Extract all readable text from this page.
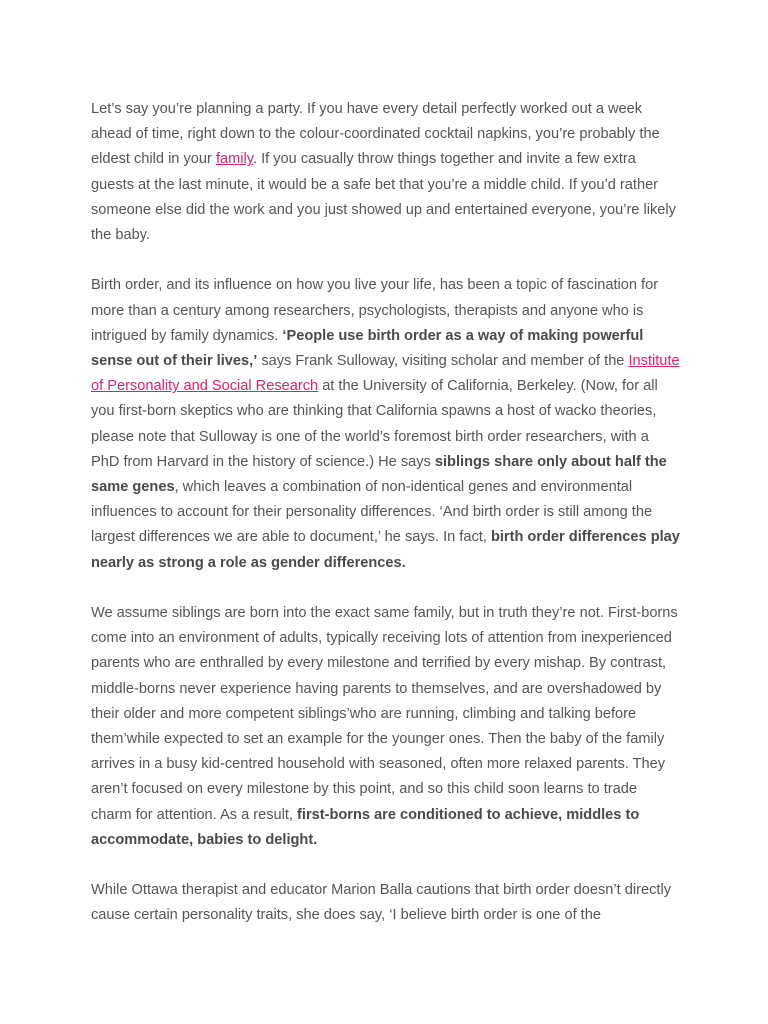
Let’s say you’re planning a party. If you have every detail perfectly worked out a week ahead of time, right down to the colour-coordinated cocktail napkins, you’re probably the eldest child in your family. If you casually throw things together and invite a few extra guests at the last minute, it would be a safe bet that you’re a middle child. If you’d rather someone else did the work and you just showed up and entertained everyone, you’re likely the baby.

Birth order, and its influence on how you live your life, has been a topic of fascination for more than a century among researchers, psychologists, therapists and anyone who is intrigued by family dynamics. ‘People use birth order as a way of making powerful sense out of their lives,’ says Frank Sulloway, visiting scholar and member of the Institute of Personality and Social Research at the University of California, Berkeley. (Now, for all you first-born skeptics who are thinking that California spawns a host of wacko theories, please note that Sulloway is one of the world’s foremost birth order researchers, with a PhD from Harvard in the history of science.) He says siblings share only about half the same genes, which leaves a combination of non-identical genes and environmental influences to account for their personality differences. ‘And birth order is still among the largest differences we are able to document,’ he says. In fact, birth order differences play nearly as strong a role as gender differences.

We assume siblings are born into the exact same family, but in truth they’re not. First-borns come into an environment of adults, typically receiving lots of attention from inexperienced parents who are enthralled by every milestone and terrified by every mishap. By contrast, middle-borns never experience having parents to themselves, and are overshadowed by their older and more competent siblings’who are running, climbing and talking before them’while expected to set an example for the younger ones. Then the baby of the family arrives in a busy kid-centred household with seasoned, often more relaxed parents. They aren’t focused on every milestone by this point, and so this child soon learns to trade charm for attention. As a result, first-borns are conditioned to achieve, middles to accommodate, babies to delight.

While Ottawa therapist and educator Marion Balla cautions that birth order doesn’t directly cause certain personality traits, she does say, ‘I believe birth order is one of the
